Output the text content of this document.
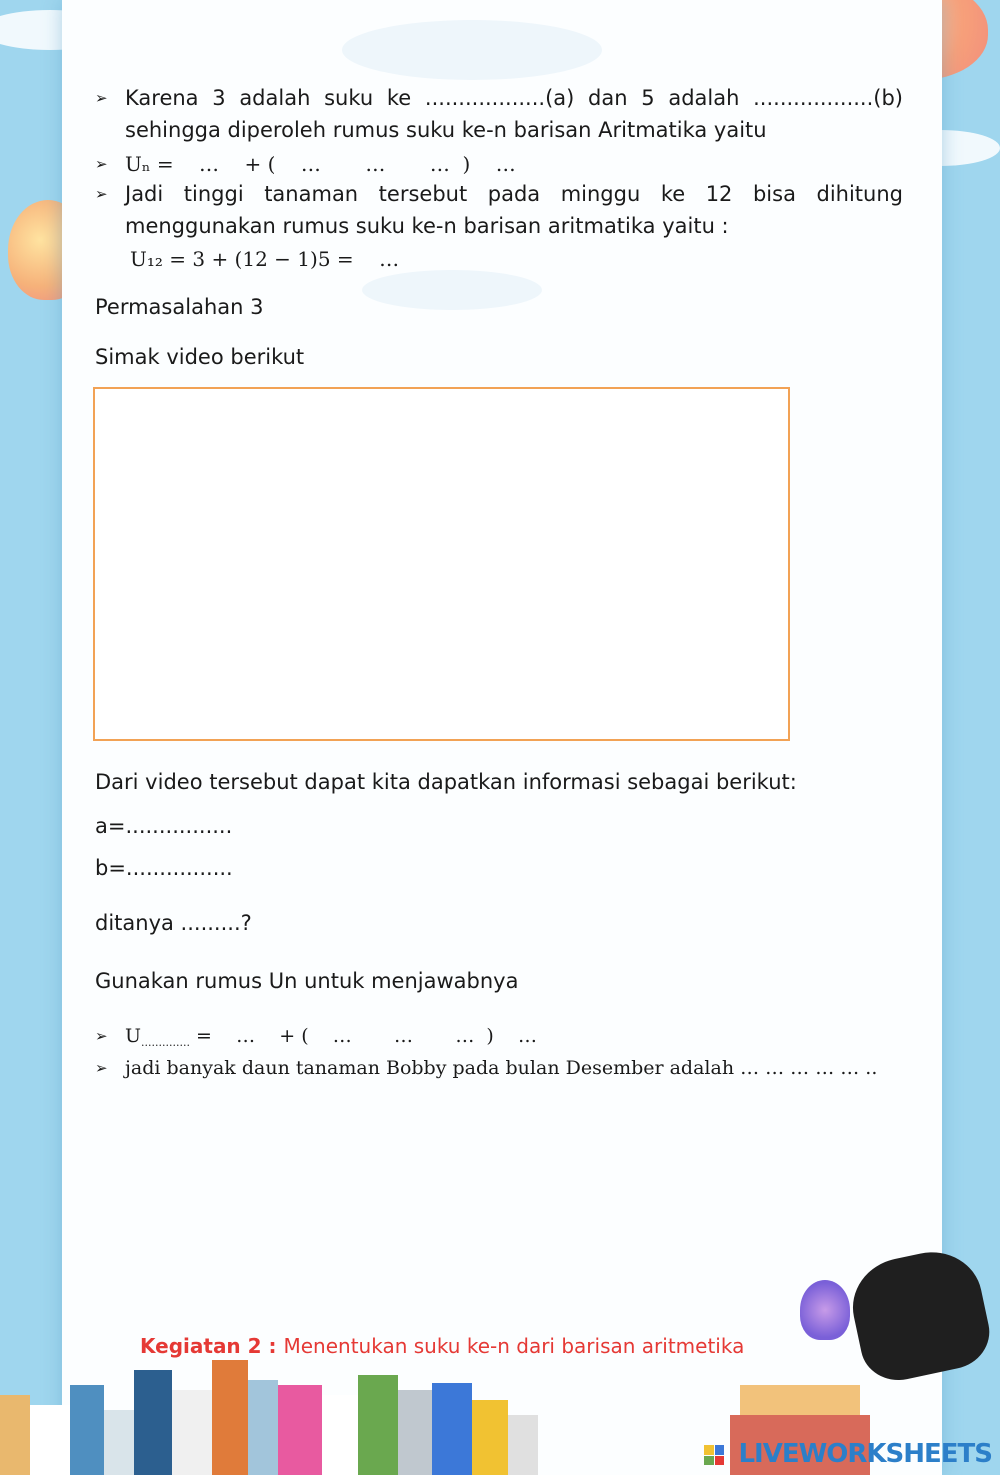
➢ Karena 3 adalah suku ke ..................(a) dan 5 adalah ..................(b)
sehingga diperoleh rumus suku ke-n barisan Aritmatika yaitu
➢ Uₙ =    …    + (    …       …       …  )    …
➢ Jadi tinggi tanaman tersebut pada minggu ke 12 bisa dihitung
menggunakan rumus suku ke-n barisan aritmatika yaitu :
U₁₂ = 3 + (12 − 1)5 =    …
Permasalahan 3
Simak video berikut
Dari video tersebut dapat kita dapatkan informasi sebagai berikut:
a=................
b=................
ditanya .........?
Gunakan rumus Un untuk menjawabnya
➢ U .............. =    …    + (    …       …       …  )    …
➢ jadi banyak daun tanaman Bobby pada bulan Desember adalah … … … … … ..
Kegiatan 2 : Menentukan suku ke-n dari barisan aritmetika
LIVEWORKSHEETS
